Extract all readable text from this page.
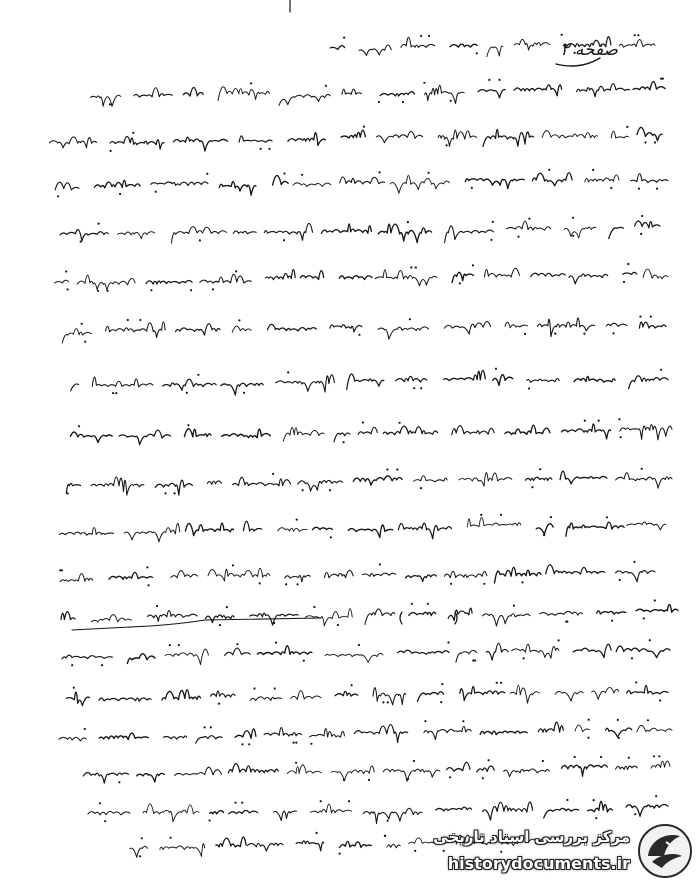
صفحه ۲
مرکز بررسی اسناد تاریخی
historydocuments.ir
